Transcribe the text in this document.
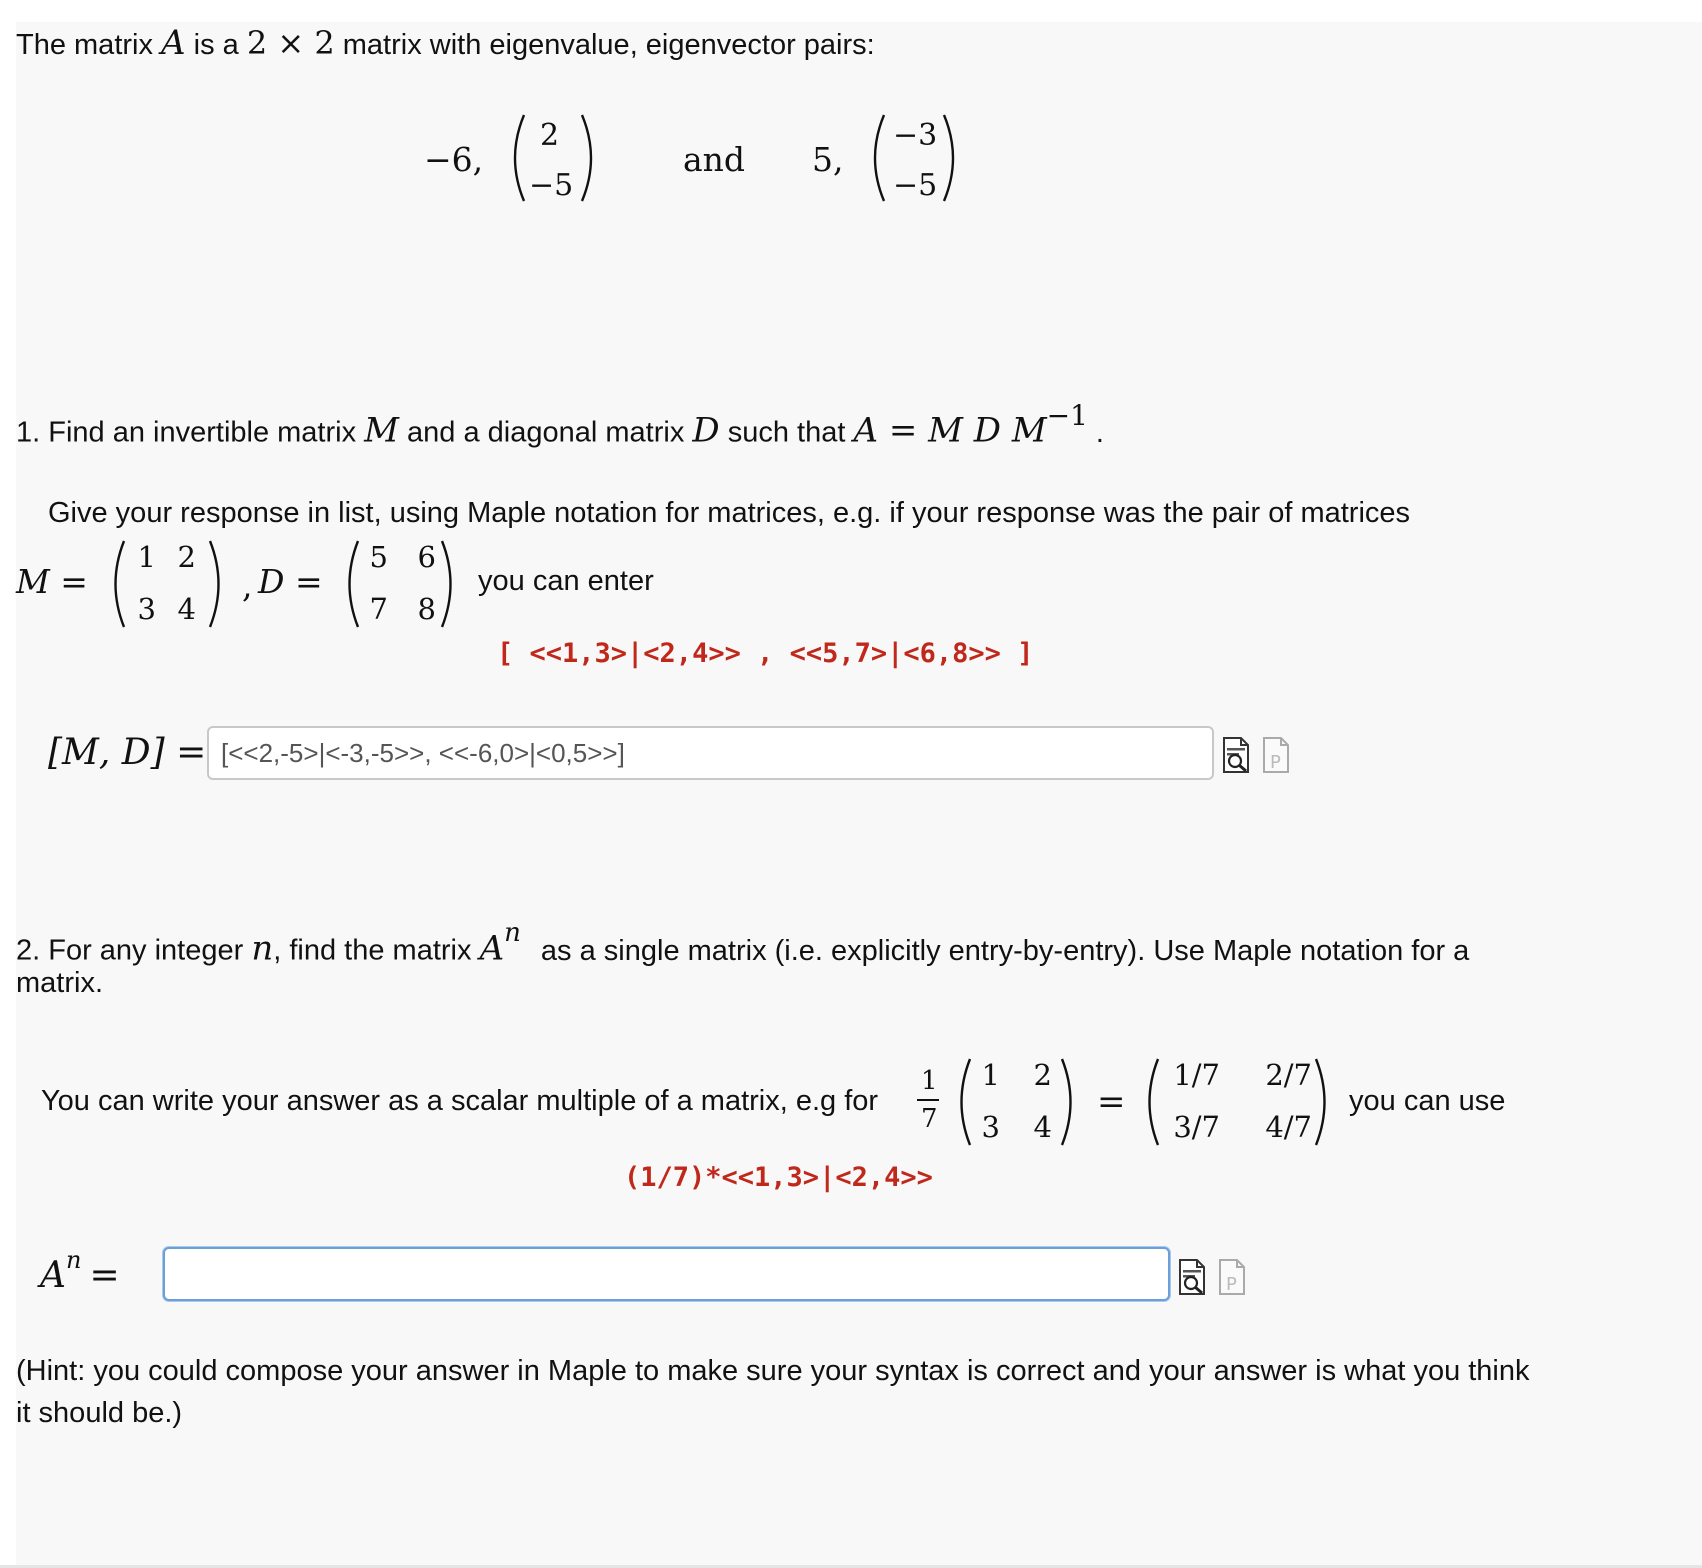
The matrix A is a 2 × 2 matrix with eigenvalue, eigenvector pairs:
−6,
2
−5
and 5,
−3
−5
1. Find an invertible matrix M and a diagonal matrix D such that A = M D $M^{-1}$.
Give your response in list, using Maple notation for matrices, e.g. if your response was the pair of matrices
M =
1 2
3 4
, D =
5	6
7	8
you can enter
[ <<1,3>|<2,4>> , <<5,7>|<6,8>> ]
[M, D] =
[<<2,-5>|<-3,-5>>, <<-6,0>|<0,5>>]	P
2. For any integer n, find the matrix $A^n$ as a single matrix (i.e. explicitly entry-by-entry). Use Maple notation for a
matrix.
You can write your answer as a scalar multiple of a matrix, e.g for
1
7
1	2
3	4
=
1/7	2/7
3/7	4/7
you can use
(1/7)*<<1,3>|<2,4>>
$A^n$ =	P
(Hint: you could compose your answer in Maple to make sure your syntax is correct and your answer is what you think
it should be.)
